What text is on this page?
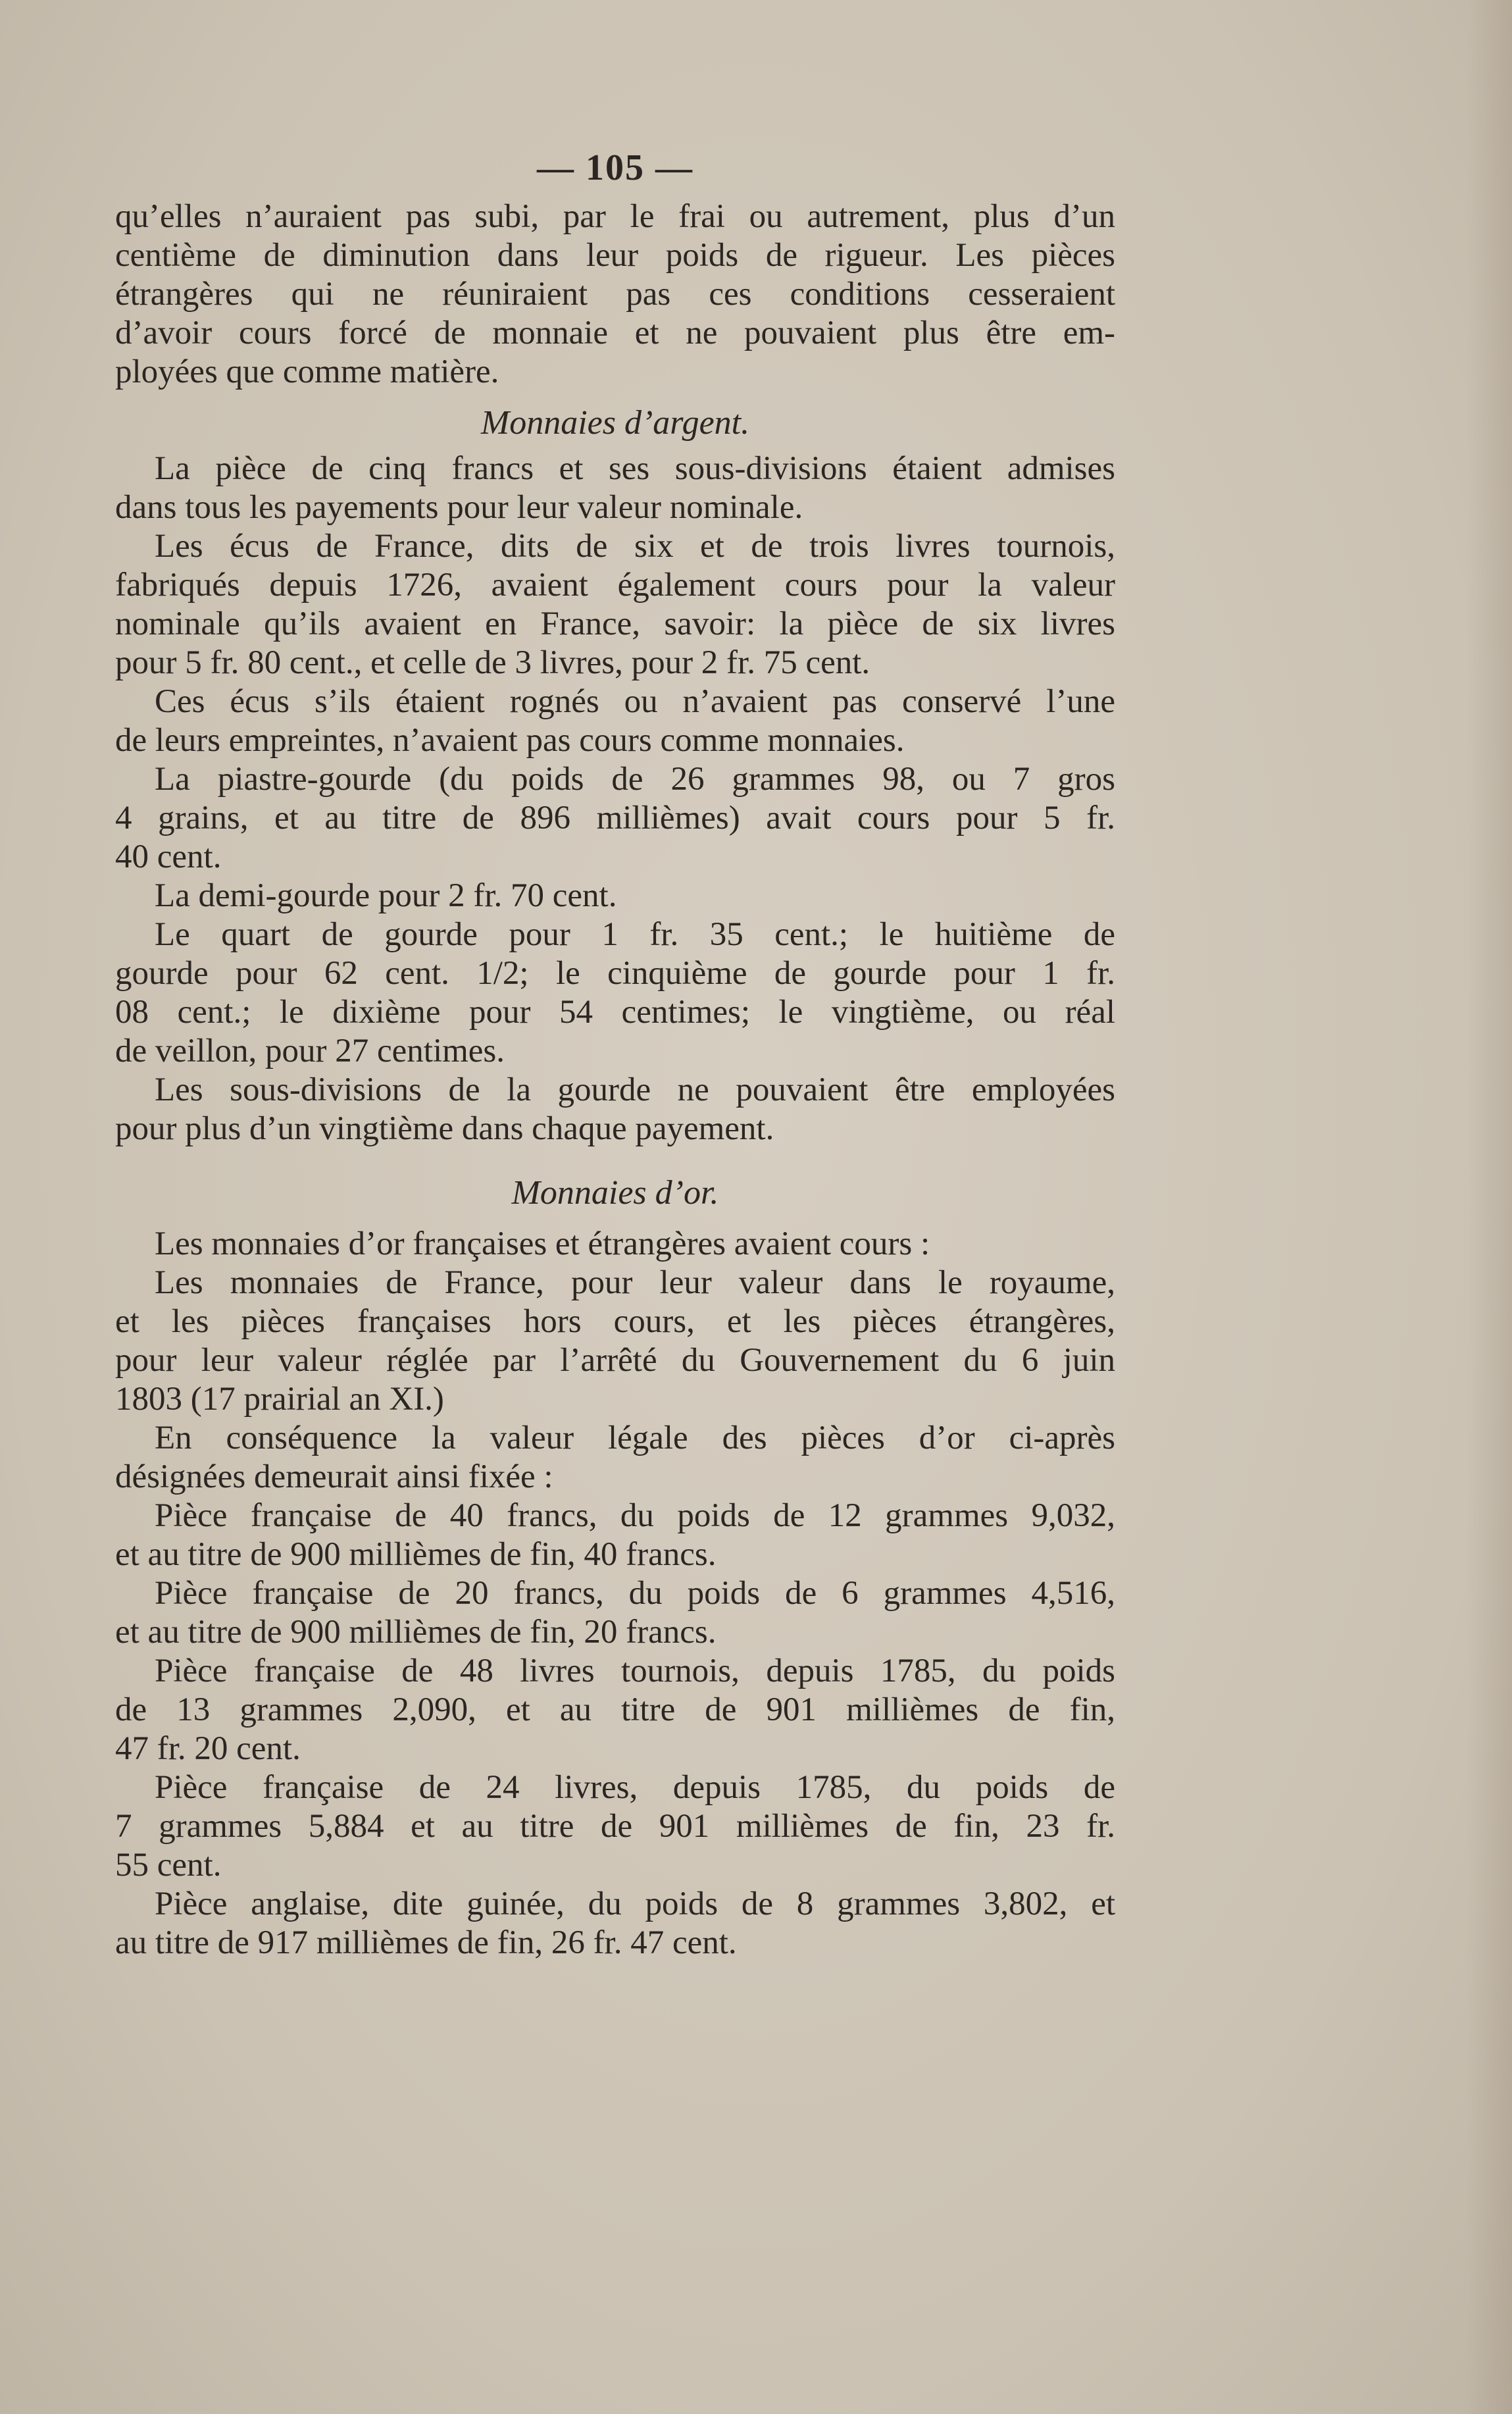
— 105 —
qu’elles n’auraient pas subi, par le frai ou autrement, plus d’un
centième de diminution dans leur poids de rigueur. Les pièces
étrangères qui ne réuniraient pas ces conditions cesseraient
d’avoir cours forcé de monnaie et ne pouvaient plus être em-
ployées que comme matière.
Monnaies d’argent.
La pièce de cinq francs et ses sous-divisions étaient admises
dans tous les payements pour leur valeur nominale.
Les écus de France, dits de six et de trois livres tournois,
fabriqués depuis 1726, avaient également cours pour la valeur
nominale qu’ils avaient en France, savoir: la pièce de six livres
pour 5 fr. 80 cent., et celle de 3 livres, pour 2 fr. 75 cent.
Ces écus s’ils étaient rognés ou n’avaient pas conservé l’une
de leurs empreintes, n’avaient pas cours comme monnaies.
La piastre-gourde (du poids de 26 grammes 98, ou 7 gros
4 grains, et au titre de 896 millièmes) avait cours pour 5 fr.
40 cent.
La demi-gourde pour 2 fr. 70 cent.
Le quart de gourde pour 1 fr. 35 cent.; le huitième de
gourde pour 62 cent. 1/2; le cinquième de gourde pour 1 fr.
08 cent.; le dixième pour 54 centimes; le vingtième, ou réal
de veillon, pour 27 centimes.
Les sous-divisions de la gourde ne pouvaient être employées
pour plus d’un vingtième dans chaque payement.
Monnaies d’or.
Les monnaies d’or françaises et étrangères avaient cours :
Les monnaies de France, pour leur valeur dans le royaume,
et les pièces françaises hors cours, et les pièces étrangères,
pour leur valeur réglée par l’arrêté du Gouvernement du 6 juin
1803 (17 prairial an XI.)
En conséquence la valeur légale des pièces d’or ci-après
désignées demeurait ainsi fixée :
Pièce française de 40 francs, du poids de 12 grammes 9,032,
et au titre de 900 millièmes de fin, 40 francs.
Pièce française de 20 francs, du poids de 6 grammes 4,516,
et au titre de 900 millièmes de fin, 20 francs.
Pièce française de 48 livres tournois, depuis 1785, du poids
de 13 grammes 2,090, et au titre de 901 millièmes de fin,
47 fr. 20 cent.
Pièce française de 24 livres, depuis 1785, du poids de
7 grammes 5,884 et au titre de 901 millièmes de fin, 23 fr.
55 cent.
Pièce anglaise, dite guinée, du poids de 8 grammes 3,802, et
au titre de 917 millièmes de fin, 26 fr. 47 cent.
